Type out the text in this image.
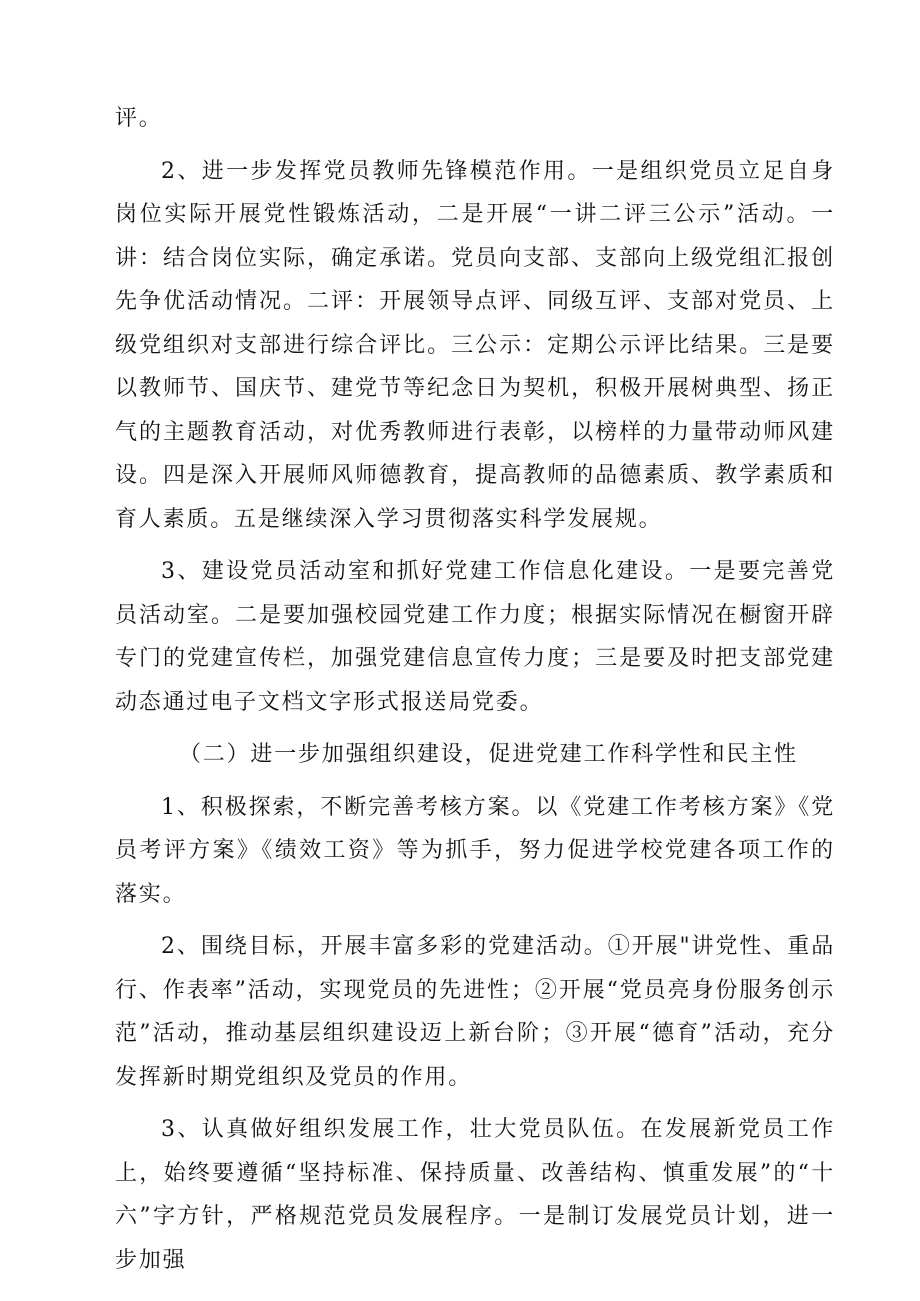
评。

2、进一步发挥党员教师先锋模范作用。一是组织党员立足自身岗位实际开展党性锻炼活动，二是开展“一讲二评三公示”活动。一讲：结合岗位实际，确定承诺。党员向支部、支部向上级党组汇报创先争优活动情况。二评：开展领导点评、同级互评、支部对党员、上级党组织对支部进行综合评比。三公示：定期公示评比结果。三是要以教师节、国庆节、建党节等纪念日为契机，积极开展树典型、扬正气的主题教育活动，对优秀教师进行表彰，以榜样的力量带动师风建设。四是深入开展师风师德教育，提高教师的品德素质、教学素质和育人素质。五是继续深入学习贯彻落实科学发展规。

3、建设党员活动室和抓好党建工作信息化建设。一是要完善党员活动室。二是要加强校园党建工作力度；根据实际情况在橱窗开辟专门的党建宣传栏，加强党建信息宣传力度；三是要及时把支部党建动态通过电子文档文字形式报送局党委。

（二）进一步加强组织建设，促进党建工作科学性和民主性

1、积极探索，不断完善考核方案。以《党建工作考核方案》《党员考评方案》《绩效工资》等为抓手，努力促进学校党建各项工作的落实。

2、围绕目标，开展丰富多彩的党建活动。①开展"讲党性、重品行、作表率”活动，实现党员的先进性；②开展“党员亮身份服务创示范”活动，推动基层组织建设迈上新台阶；③开展“德育”活动，充分发挥新时期党组织及党员的作用。

3、认真做好组织发展工作，壮大党员队伍。在发展新党员工作上，始终要遵循“坚持标准、保持质量、改善结构、慎重发展”的“十六”字方针，严格规范党员发展程序。一是制订发展党员计划，进一步加强
